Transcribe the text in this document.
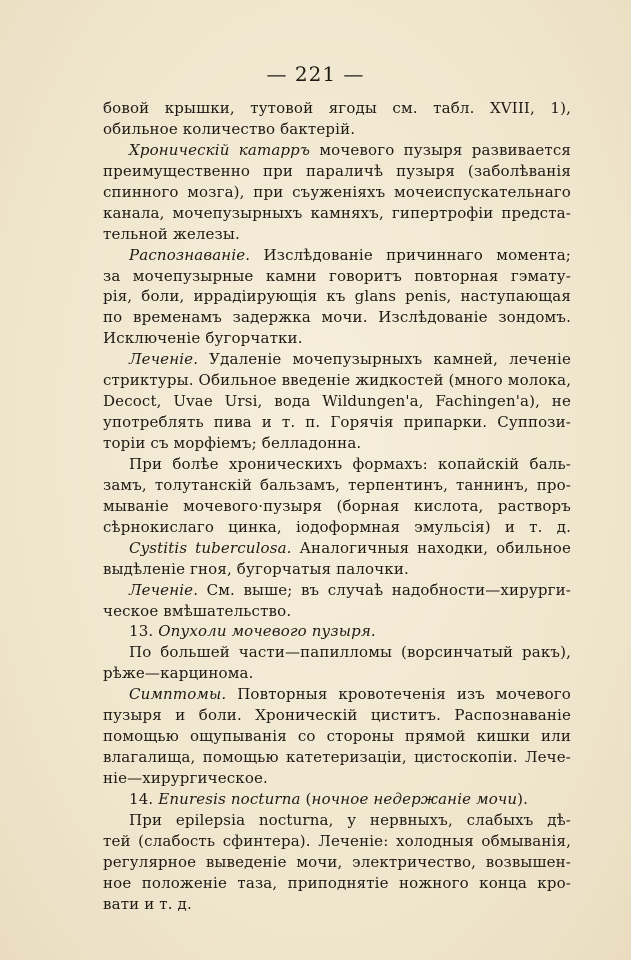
— 221 —
бовой крышки, тутовой ягоды см. табл. XVIII, 1),
обильное количество бактерій.
Хроническій катарръ мочевого пузыря развивается
преимущественно при параличѣ пузыря (заболѣванія
спинного мозга), при съуженіяхъ мочеиспускательнаго
канала, мочепузырныхъ камняхъ, гипертрофіи предста-
тельной железы.
Распознаваніе. Изслѣдованіе причиннаго момента;
за мочепузырные камни говоритъ повторная гэмату-
рія, боли, иррадіирующія къ glans penis, наступающая
по временамъ задержка мочи. Изслѣдованіе зондомъ.
Исключеніе бугорчатки.
Леченіе. Удаленіе мочепузырныхъ камней, леченіе
стриктуры. Обильное введеніе жидкостей (много молока,
Decoct, Uvae Ursi, вода Wildungen'a, Fachingen'a), не
употреблять пива и т. п. Горячія припарки. Суппози-
торіи съ морфіемъ; белладонна.
При болѣе хроническихъ формахъ: копайскій баль-
замъ, толутанскій бальзамъ, терпентинъ, таннинъ, про-
мываніе мочевого·пузыря (борная кислота, растворъ
сѣрнокислаго цинка, іодоформная эмульсія) и т. д.
Cystitis tuberculosa. Аналогичныя находки, обильное
выдѣленіе гноя, бугорчатыя палочки.
Леченіе. См. выше; въ случаѣ надобности—хирурги-
ческое вмѣшательство.
13. Опухоли мочевого пузыря.
По большей части—папилломы (ворсинчатый ракъ),
рѣже—карцинома.
Симптомы. Повторныя кровотеченія изъ мочевого
пузыря и боли. Хроническій циститъ. Распознаваніе
помощью ощупыванія со стороны прямой кишки или
влагалища, помощью катетеризаціи, цистоскопіи. Лече-
ніе—хирургическое.
14. Enuresis nocturna (ночное недержаніе мочи).
При epilepsia nocturna, у нервныхъ, слабыхъ дѣ-
тей (слабость сфинтера). Леченіе: холодныя обмыванія,
регулярное выведеніе мочи, электричество, возвышен-
ное положеніе таза, приподнятіе ножного конца кро-
вати и т. д.
